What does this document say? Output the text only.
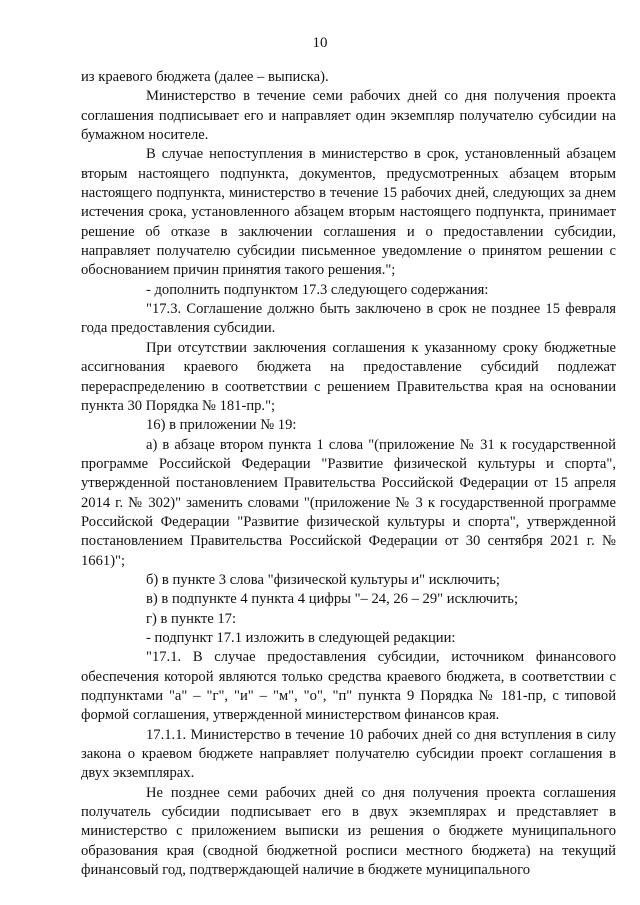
10

из краевого бюджета (далее – выписка).

Министерство в течение семи рабочих дней со дня получения проекта соглашения подписывает его и направляет один экземпляр получателю субсидии на бумажном носителе.

В случае непоступления в министерство в срок, установленный абзацем вторым настоящего подпункта, документов, предусмотренных абзацем вторым настоящего подпункта, министерство в течение 15 рабочих дней, следующих за днем истечения срока, установленного абзацем вторым настоящего подпункта, принимает решение об отказе в заключении соглашения и о предоставлении субсидии, направляет получателю субсидии письменное уведомление о принятом решении с обоснованием причин принятия такого решения.";

- дополнить подпунктом 17.3 следующего содержания:

"17.3. Соглашение должно быть заключено в срок не позднее 15 февраля года предоставления субсидии.

При отсутствии заключения соглашения к указанному сроку бюджетные ассигнования краевого бюджета на предоставление субсидий подлежат перераспределению в соответствии с решением Правительства края на основании пункта 30 Порядка № 181-пр.";

16) в приложении № 19:

а) в абзаце втором пункта 1 слова "(приложение № 31 к государственной программе Российской Федерации "Развитие физической культуры и спорта", утвержденной постановлением Правительства Российской Федерации от 15 апреля 2014 г. № 302)" заменить словами "(приложение № 3 к государственной программе Российской Федерации "Развитие физической культуры и спорта", утвержденной постановлением Правительства Российской Федерации от 30 сентября 2021 г. № 1661)";

б) в пункте 3 слова "физической культуры и" исключить;

в) в подпункте 4 пункта 4 цифры "– 24, 26 – 29" исключить;

г) в пункте 17:

- подпункт 17.1 изложить в следующей редакции:

"17.1. В случае предоставления субсидии, источником финансового обеспечения которой являются только средства краевого бюджета, в соответствии с подпунктами "а" – "г", "и" – "м", "о", "п" пункта 9 Порядка № 181-пр, с типовой формой соглашения, утвержденной министерством финансов края.

17.1.1. Министерство в течение 10 рабочих дней со дня вступления в силу закона о краевом бюджете направляет получателю субсидии проект соглашения в двух экземплярах.

Не позднее семи рабочих дней со дня получения проекта соглашения получатель субсидии подписывает его в двух экземплярах и представляет в министерство с приложением выписки из решения о бюджете муниципального образования края (сводной бюджетной росписи местного бюджета) на текущий финансовый год, подтверждающей наличие в бюджете муниципального
